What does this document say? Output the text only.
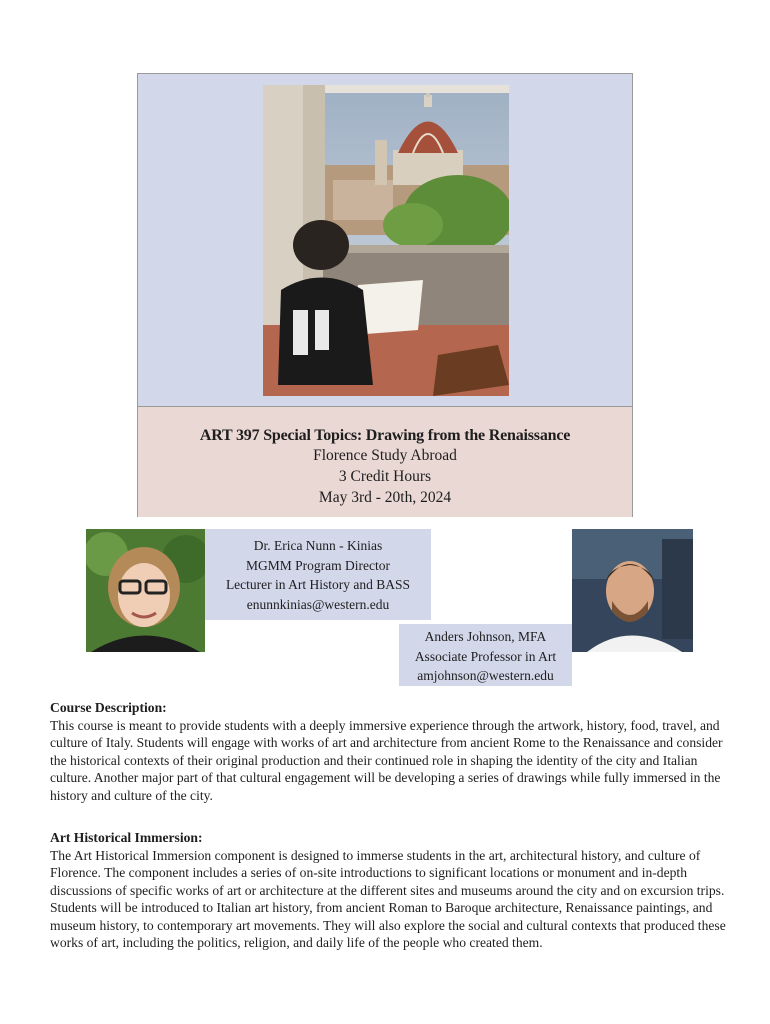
ART 397 Special Topics: Drawing from the Renaissance
Florence Study Abroad
3 Credit Hours
May 3rd - 20th, 2024
Dr. Erica Nunn - Kinias
MGMM Program Director
Lecturer in Art History and BASS
enunnkinias@western.edu
Anders Johnson, MFA
Associate Professor in Art
amjohnson@western.edu
Course Description:

This course is meant to provide students with a deeply immersive experience through the artwork, history, food, travel, and culture of Italy. Students will engage with works of art and architecture from ancient Rome to the Renaissance and consider the historical contexts of their original production and their continued role in shaping the identity of the city and Italian culture. Another major part of that cultural engagement will be developing a series of drawings while fully immersed in the history and culture of the city.

Art Historical Immersion:

The Art Historical Immersion component is designed to immerse students in the art, architectural history, and culture of Florence. The component includes a series of on-site introductions to significant locations or monument and in-depth discussions of specific works of art or architecture at the different sites and museums around the city and on excursion trips. Students will be introduced to Italian art history, from ancient Roman to Baroque architecture, Renaissance paintings, and museum history, to contemporary art movements. They will also explore the social and cultural contexts that produced these works of art, including the politics, religion, and daily life of the people who created them.
